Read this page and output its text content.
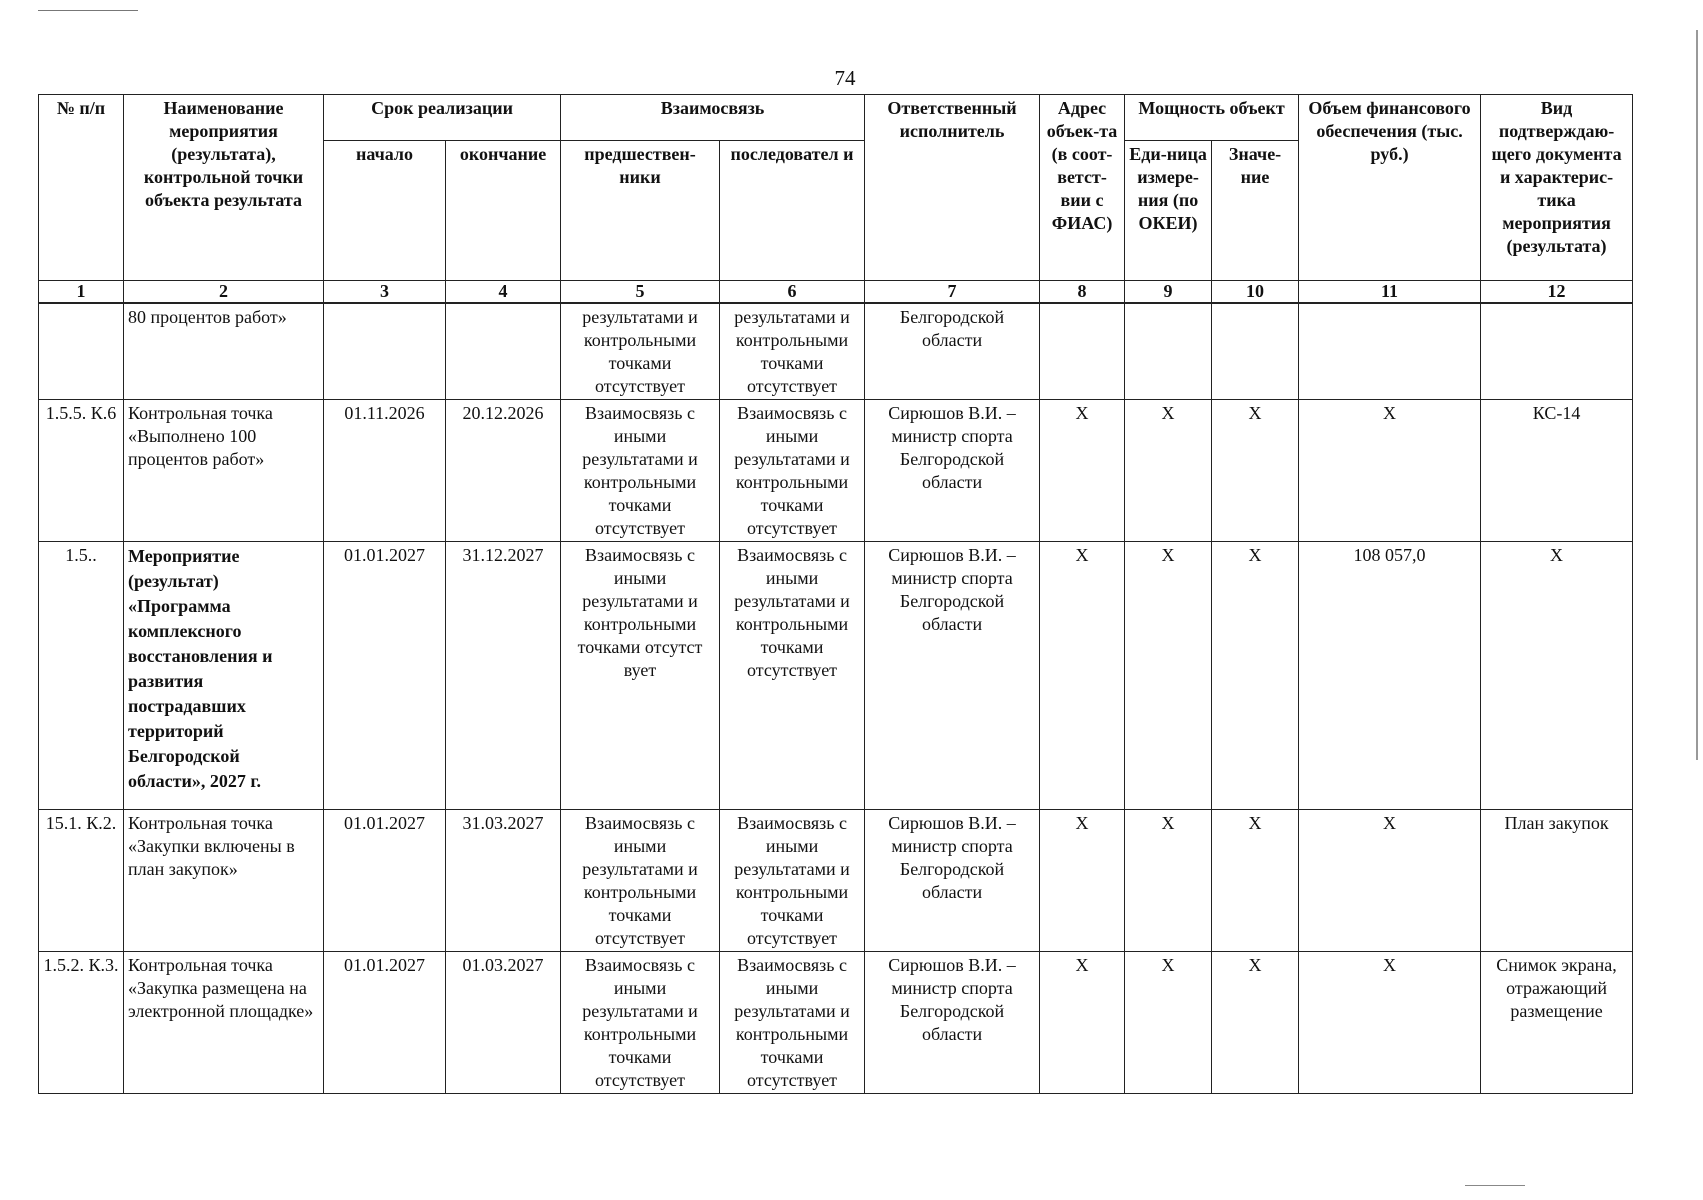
74
№ п/п	Наименование мероприятия (результата), контрольной точки объекта результата	Срок реализации		Взаимосвязь		Ответственный исполнитель	Адрес объек-та (в соот-ветст-вии с ФИАС)	Мощность объект		Объем финансового обеспечения (тыс. руб.)	Вид подтверждаю-щего документа и характерис-тика мероприятия (результата)
		начало	окончание	предшествен-ники	последовател и			Еди-ница измере-ния (по ОКЕИ)	Значе-ние		
1	2	3	4	5	6	7	8	9	10	11	12
	80 процентов работ»			результатами и контрольными точками отсутствует	результатами и контрольными точками отсутствует	Белгородской области					
1.5.5. К.6	Контрольная точка «Выполнено 100 процентов работ»	01.11.2026	20.12.2026	Взаимосвязь с иными результатами и контрольными точками отсутствует	Взаимосвязь с иными результатами и контрольными точками отсутствует	Сирюшов В.И. – министр спорта Белгородской области	Х	Х	Х	Х	КС-14
1.5..	Мероприятие (результат) «Программа комплексного восстановления и развития пострадавших территорий Белгородской области», 2027 г.	01.01.2027	31.12.2027	Взаимосвязь с иными результатами и контрольными точками отсутст вует	Взаимосвязь с иными результатами и контрольными точками отсутствует	Сирюшов В.И. – министр спорта Белгородской области	Х	Х	Х	108 057,0	Х
15.1. К.2.	Контрольная точка «Закупки включены в план закупок»	01.01.2027	31.03.2027	Взаимосвязь с иными результатами и контрольными точками отсутствует	Взаимосвязь с иными результатами и контрольными точками отсутствует	Сирюшов В.И. – министр спорта Белгородской области	Х	Х	Х	Х	План закупок
1.5.2. К.3.	Контрольная точка «Закупка размещена на электронной площадке»	01.01.2027	01.03.2027	Взаимосвязь с иными результатами и контрольными точками отсутствует	Взаимосвязь с иными результатами и контрольными точками отсутствует	Сирюшов В.И. – министр спорта Белгородской области	Х	Х	Х	Х	Снимок экрана, отражающий размещение
